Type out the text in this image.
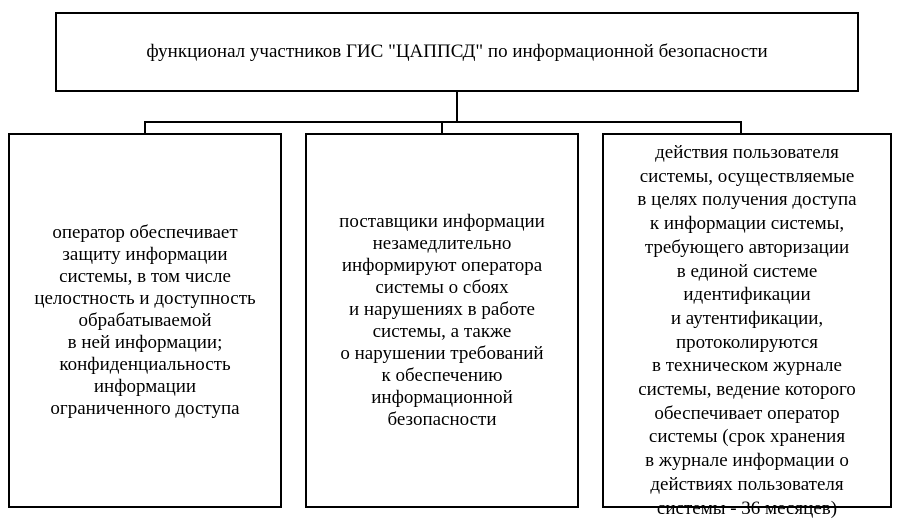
функционал участников ГИС "ЦАППСД" по информационной безопасности
оператор обеспечивает
защиту информации
системы, в том числе
целостность и доступность
обрабатываемой
в ней информации;
конфиденциальность
информации
ограниченного доступа
поставщики информации
незамедлительно
информируют оператора
системы о сбоях
и нарушениях в работе
системы, а также
о нарушении требований
к обеспечению
информационной
безопасности
действия пользователя
системы, осуществляемые
в целях получения доступа
к информации системы,
требующего авторизации
в единой системе
идентификации
и аутентификации,
протоколируются
в техническом журнале
системы, ведение которого
обеспечивает оператор
системы (срок хранения
в журнале информации о
действиях пользователя
системы - 36 месяцев)
